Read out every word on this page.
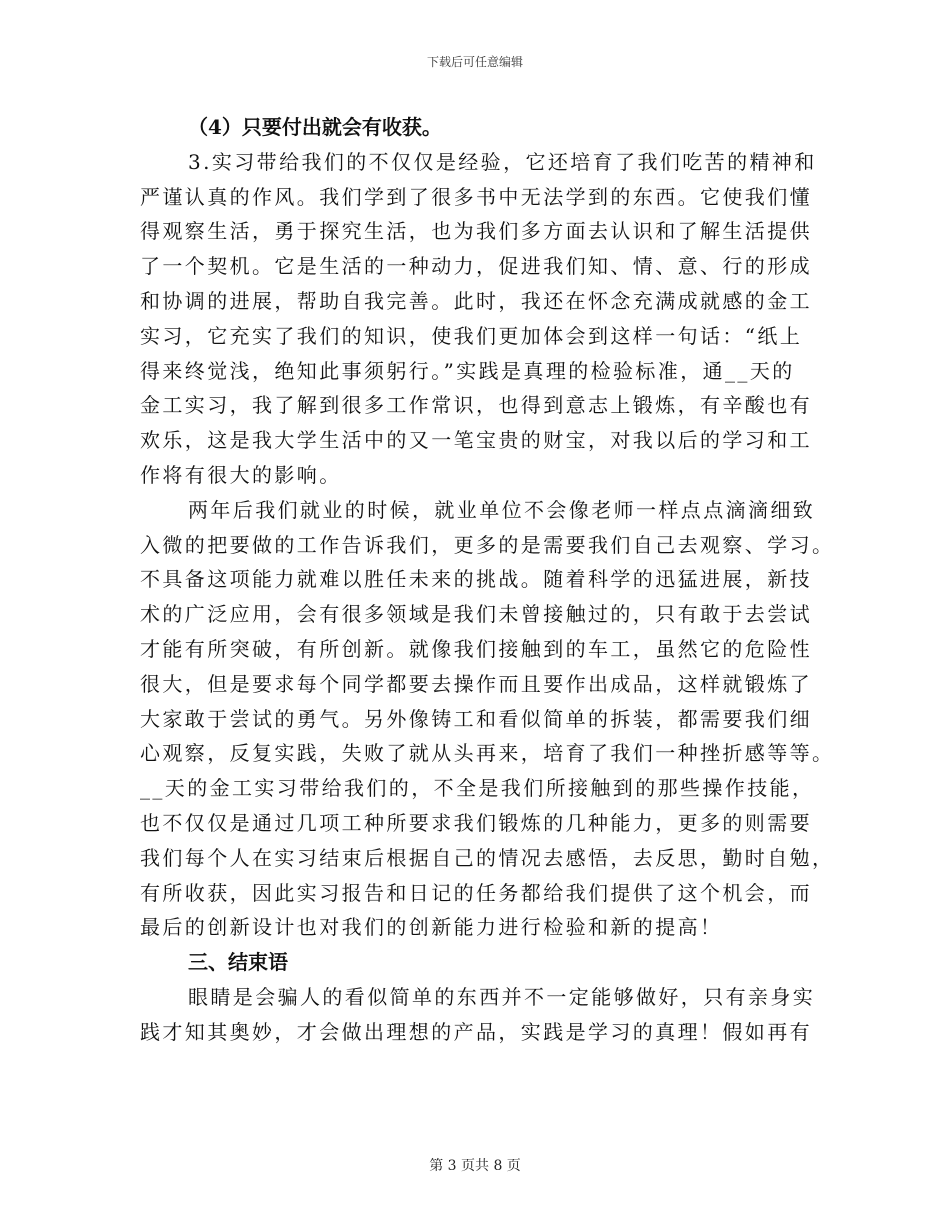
下载后可任意编辑
（4）只要付出就会有收获。
3.实习带给我们的不仅仅是经验，它还培育了我们吃苦的精神和
严谨认真的作风。我们学到了很多书中无法学到的东西。它使我们懂
得观察生活，勇于探究生活，也为我们多方面去认识和了解生活提供
了一个契机。它是生活的一种动力，促进我们知、情、意、行的形成
和协调的进展，帮助自我完善。此时，我还在怀念充满成就感的金工
实习，它充实了我们的知识，使我们更加体会到这样一句话：“纸上
得来终觉浅，绝知此事须躬行。”实践是真理的检验标准，通__天的
金工实习，我了解到很多工作常识，也得到意志上锻炼，有辛酸也有
欢乐，这是我大学生活中的又一笔宝贵的财宝，对我以后的学习和工
作将有很大的影响。
两年后我们就业的时候，就业单位不会像老师一样点点滴滴细致
入微的把要做的工作告诉我们，更多的是需要我们自己去观察、学习。
不具备这项能力就难以胜任未来的挑战。随着科学的迅猛进展，新技
术的广泛应用，会有很多领域是我们未曾接触过的，只有敢于去尝试
才能有所突破，有所创新。就像我们接触到的车工，虽然它的危险性
很大，但是要求每个同学都要去操作而且要作出成品，这样就锻炼了
大家敢于尝试的勇气。另外像铸工和看似简单的拆装，都需要我们细
心观察，反复实践，失败了就从头再来，培育了我们一种挫折感等等。
__天的金工实习带给我们的，不全是我们所接触到的那些操作技能，
也不仅仅是通过几项工种所要求我们锻炼的几种能力，更多的则需要
我们每个人在实习结束后根据自己的情况去感悟，去反思，勤时自勉，
有所收获，因此实习报告和日记的任务都给我们提供了这个机会，而
最后的创新设计也对我们的创新能力进行检验和新的提高！
三、结束语
眼睛是会骗人的看似简单的东西并不一定能够做好，只有亲身实
践才知其奥妙，才会做出理想的产品，实践是学习的真理！假如再有
第 3 页共 8 页
